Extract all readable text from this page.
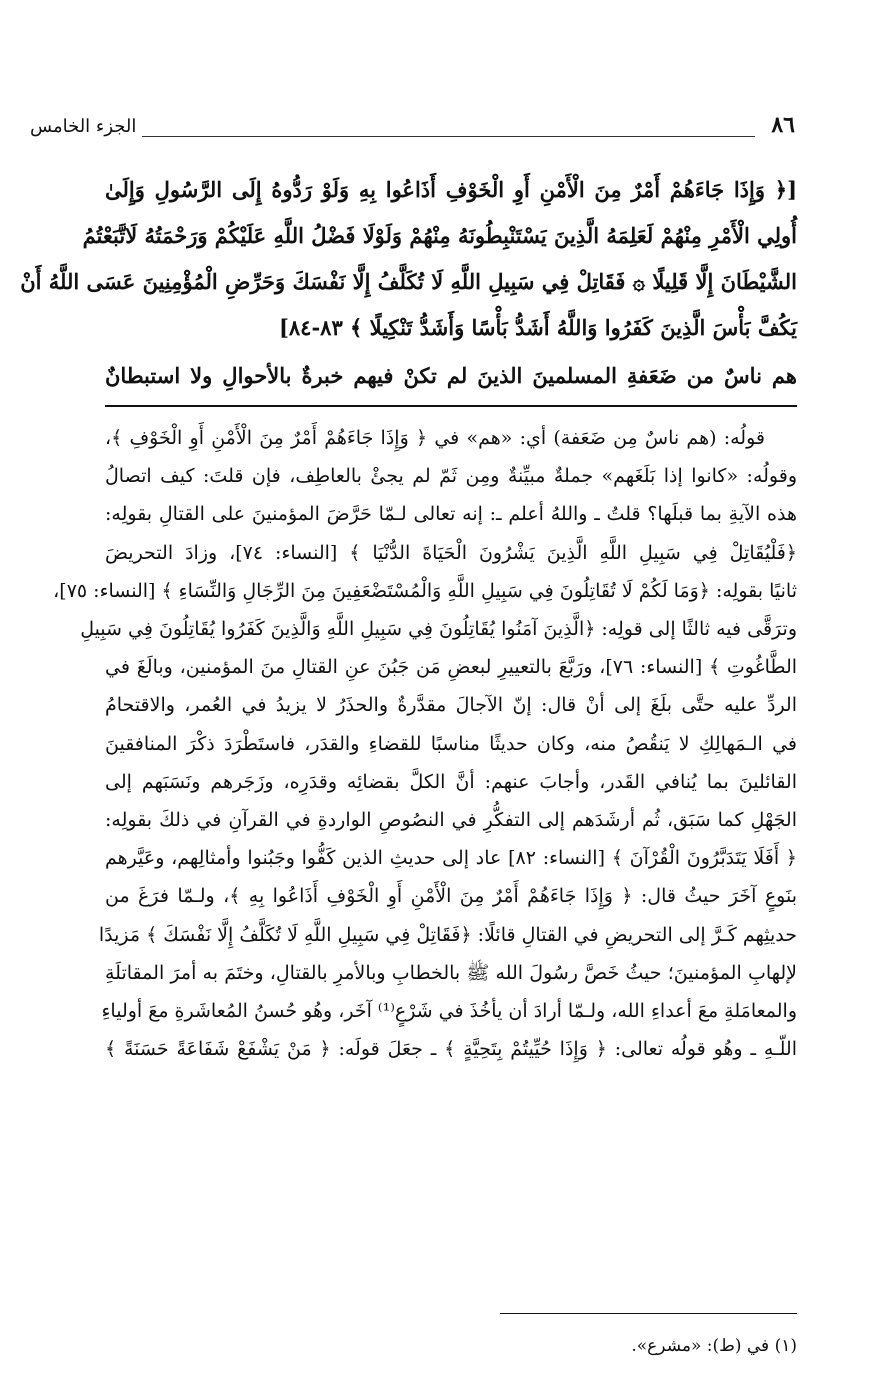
٨٦
الجزء الخامس
[﴿ وَإِذَا جَاءَهُمْ أَمْرٌ مِنَ الْأَمْنِ أَوِ الْخَوْفِ أَذَاعُوا بِهِ وَلَوْ رَدُّوهُ إِلَى الرَّسُولِ وَإِلَىٰ
أُولِي الْأَمْرِ مِنْهُمْ لَعَلِمَهُ الَّذِينَ يَسْتَنْبِطُونَهُ مِنْهُمْ وَلَوْلَا فَضْلُ اللَّهِ عَلَيْكُمْ وَرَحْمَتُهُ لَاتَّبَعْتُمُ
الشَّيْطَانَ إِلَّا قَلِيلًا ۞ فَقَاتِلْ فِي سَبِيلِ اللَّهِ لَا تُكَلَّفُ إِلَّا نَفْسَكَ وَحَرِّضِ الْمُؤْمِنِينَ عَسَى اللَّهُ أَنْ
يَكُفَّ بَأْسَ الَّذِينَ كَفَرُوا وَاللَّهُ أَشَدُّ بَأْسًا وَأَشَدُّ تَنْكِيلًا ﴾ ٨٣-٨٤]
هم ناسٌ من ضَعَفةِ المسلمينَ الذينَ لم تكنْ فيهم خبرةٌ بالأحوالِ ولا استبطانٌ
قولُه: (هم ناسٌ مِن ضَعَفة) أي: «هم» في ﴿ وَإِذَا جَاءَهُمْ أَمْرٌ مِنَ الْأَمْنِ أَوِ الْخَوْفِ ﴾،
وقولُه: «كانوا إذا بَلَغَهم» جملةٌ مبيِّنةٌ ومِن ثَمّ لم يجئْ بالعاطِف، فإن قلتَ: كيف اتصالُ
هذه الآيةِ بما قبلَها؟ قلتُ ـ واللهُ أعلم ـ: إنه تعالى لـمّا حَرَّضَ المؤمنينَ على القتالِ بقولِه:
﴿فَلْيُقَاتِلْ فِي سَبِيلِ اللَّهِ الَّذِينَ يَشْرُونَ الْحَيَاةَ الدُّنْيَا ﴾ [النساء: ٧٤]، وزادَ التحريضَ
ثانيًا بقولِه: ﴿وَمَا لَكُمْ لَا تُقَاتِلُونَ فِي سَبِيلِ اللَّهِ وَالْمُسْتَضْعَفِينَ مِنَ الرِّجَالِ وَالنِّسَاءِ ﴾ [النساء: ٧٥]،
وترَقَّى فيه ثالثًا إلى قولِه: ﴿الَّذِينَ آمَنُوا يُقَاتِلُونَ فِي سَبِيلِ اللَّهِ وَالَّذِينَ كَفَرُوا يُقَاتِلُونَ فِي سَبِيلِ
الطَّاغُوتِ ﴾ [النساء: ٧٦]، ورَبَّعَ بالتعييرِ لبعضِ مَن جَبُنَ عنِ القتالِ منَ المؤمنين، وبالَغَ في
الردِّ عليه حتَّى بلَغَ إلى أنْ قال: إنّ الآجالَ مقدَّرةٌ والحذَرُ لا يزيدُ في العُمر، والاقتحامُ
في الـمَهالِكِ لا يَنقُصُ منه، وكان حديثًا مناسبًا للقضاءِ والقدَر، فاستَطْرَدَ ذكْرَ المنافقينَ
القائلينَ بما يُنافي القَدر، وأجابَ عنهم: أنَّ الكلَّ بقضائِه وقدَرِه، وزَجَرهم ونَسَبَهم إلى
الجَهْلِ كما سَبَق، ثُم أرشَدَهم إلى التفكُّرِ في النصُوصِ الواردةِ في القرآنِ في ذلكَ بقولِه:
﴿ أَفَلَا يَتَدَبَّرُونَ الْقُرْآنَ ﴾ [النساء: ٨٢] عاد إلى حديثِ الذين كَفُّوا وجَبُنوا وأمثالِهم، وعَيَّرهم
بنَوعٍ آخَرَ حيثُ قال: ﴿ وَإِذَا جَاءَهُمْ أَمْرٌ مِنَ الْأَمْنِ أَوِ الْخَوْفِ أَذَاعُوا بِهِ ﴾، ولـمّا فرَغَ من
حديثِهم كَـرَّ إلى التحريضِ في القتالِ قائلًا: ﴿فَقَاتِلْ فِي سَبِيلِ اللَّهِ لَا تُكَلَّفُ إِلَّا نَفْسَكَ ﴾ مَزيدًا
لإلهابِ المؤمنينَ؛ حيثُ خَصَّ رسُولَ الله ﷺ بالخطابِ وبالأمرِ بالقتالِ، وختَمَ به أمرَ المقاتلَةِ
والمعامَلةِ معَ أعداءِ الله، ولـمّا أرادَ أن يأخُذَ في شَرْعٍ⁽¹⁾ آخَر، وهُو حُسنُ المُعاشَرةِ معَ أولياءِ
اللّـهِ ـ وهُو قولُه تعالى: ﴿ وَإِذَا حُيِّيتُمْ بِتَحِيَّةٍ ﴾ ـ جعَلَ قولَه: ﴿ مَنْ يَشْفَعْ شَفَاعَةً حَسَنَةً ﴾
(١) في (ط): «مشرع».
